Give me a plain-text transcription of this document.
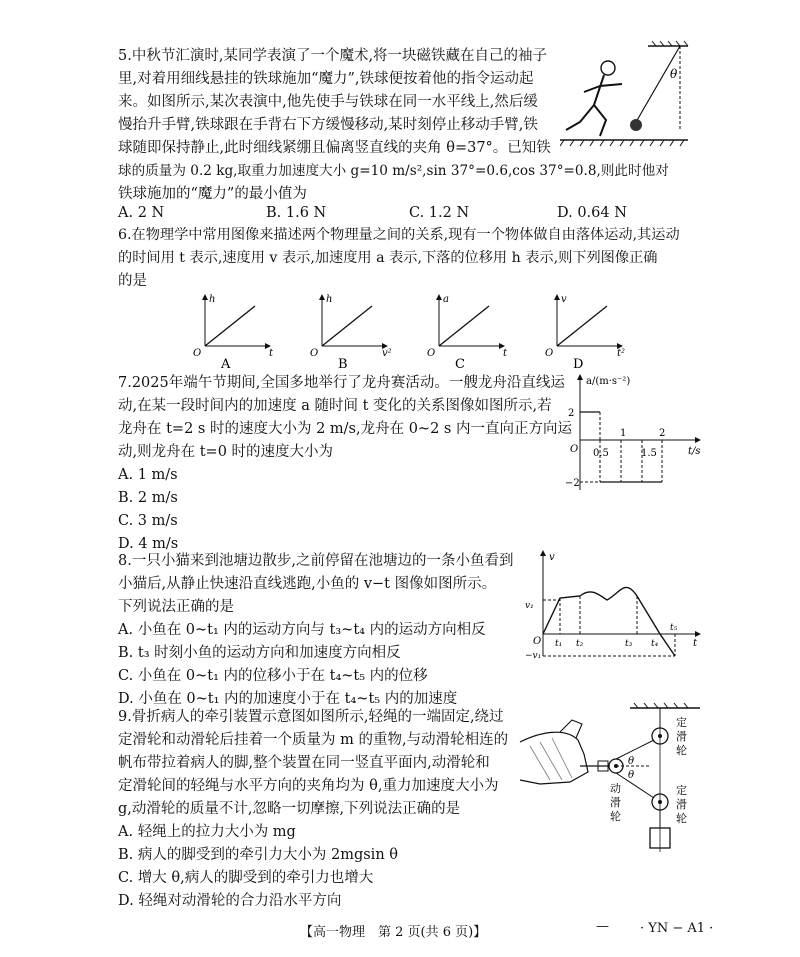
5.中秋节汇演时,某同学表演了一个魔术,将一块磁铁藏在自己的袖子

里,对着用细线悬挂的铁球施加“魔力”,铁球便按着他的指令运动起

来。如图所示,某次表演中,他先使手与铁球在同一水平线上,然后缓

慢抬升手臂,铁球跟在手背右下方缓慢移动,某时刻停止移动手臂,铁

球随即保持静止,此时细线紧绷且偏离竖直线的夹角 θ=37°。已知铁

球的质量为 0.2 kg,取重力加速度大小 g=10 m/s²,sin 37°=0.6,cos 37°=0.8,则此时他对

铁球施加的“魔力”的最小值为

A. 2 N	B. 1.6 N	C. 1.2 N	D. 0.64 N
θ

6.在物理学中常用图像来描述两个物理量之间的关系,现有一个物体做自由落体运动,其运动

的时间用 t 表示,速度用 v 表示,加速度用 a 表示,下落的位移用 h 表示,则下列图像正确

的是

h
t
O
A
h
v²
O
B
a
t
O
C
v
t²
O
D

7.2025年端午节期间,全国多地举行了龙舟赛活动。一艘龙舟沿直线运

动,在某一段时间内的加速度 a 随时间 t 变化的关系图像如图所示,若

龙舟在 t=2 s 时的速度大小为 2 m/s,龙舟在 0~2 s 内一直向正方向运

动,则龙舟在 t=0 时的速度大小为

A. 1 m/s

B. 2 m/s

C. 3 m/s

D. 4 m/s

a/(m·s⁻²)
t/s
O
2
−2
0.5
1
1.5
2

8.一只小猫来到池塘边散步,之前停留在池塘边的一条小鱼看到

小猫后,从静止快速沿直线逃跑,小鱼的 v−t 图像如图所示。

下列说法正确的是

A. 小鱼在 0~t₁ 内的运动方向与 t₃~t₄ 内的运动方向相反

B. t₃ 时刻小鱼的运动方向和加速度方向相反

C. 小鱼在 0~t₁ 内的位移小于在 t₄~t₅ 内的位移

D. 小鱼在 0~t₁ 内的加速度小于在 t₄~t₅ 内的加速度

v
t
O
v₁
−v₁
t₁ t₂	t₃ t₄
t₅

9.骨折病人的牵引装置示意图如图所示,轻绳的一端固定,绕过

定滑轮和动滑轮后挂着一个质量为 m 的重物,与动滑轮相连的

帆布带拉着病人的脚,整个装置在同一竖直平面内,动滑轮和

定滑轮间的轻绳与水平方向的夹角均为 θ,重力加速度大小为

g,动滑轮的质量不计,忽略一切摩擦,下列说法正确的是

A. 轻绳上的拉力大小为 mg

B. 病人的脚受到的牵引力大小为 2mgsin θ

C. 增大 θ,病人的脚受到的牵引力也增大

D. 轻绳对动滑轮的合力沿水平方向

θ
θ
定
滑
轮
动
滑
轮
定
滑
轮
【高一物理　第 2 页(共 6 页)】	— · YN − A1 ·
